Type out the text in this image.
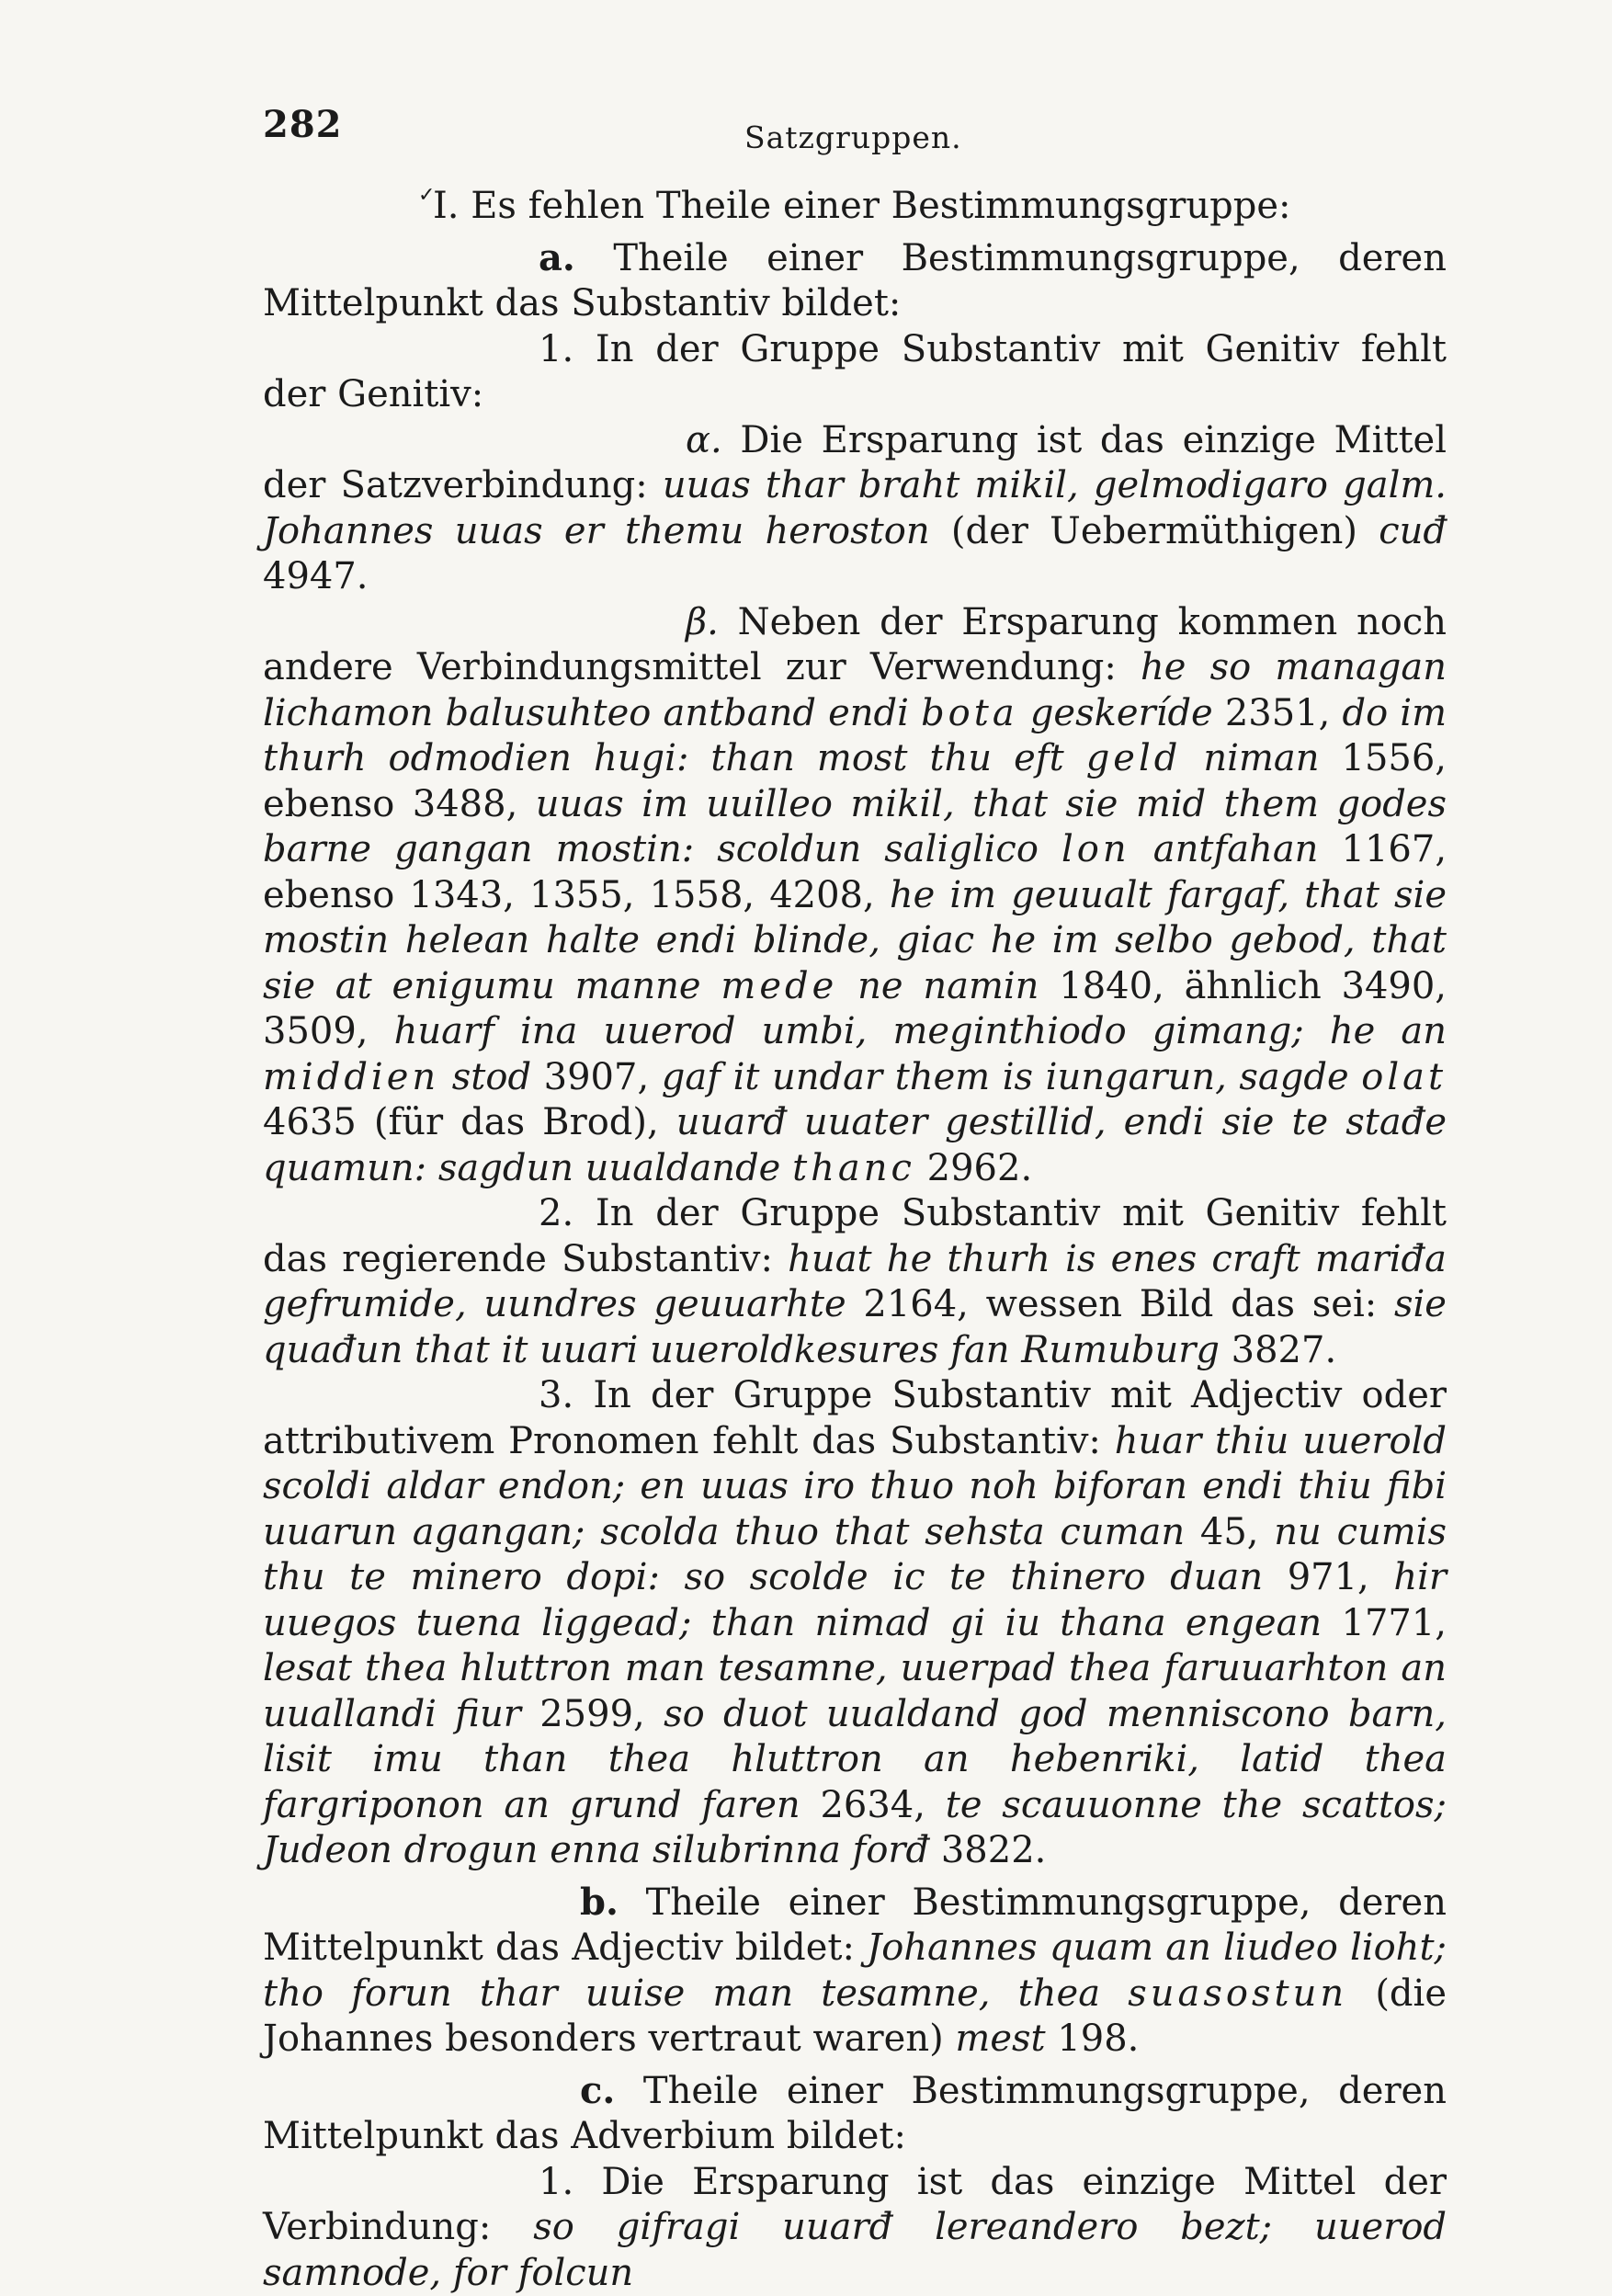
282	Satzgruppen.
✓

I. Es fehlen Theile einer Bestimmungsgruppe:

a. Theile einer Bestimmungsgruppe, deren Mittelpunkt das Substantiv bildet:

1. In der Gruppe Substantiv mit Genitiv fehlt der Genitiv:

α. Die Ersparung ist das einzige Mittel der Satzverbindung: uuas thar braht mikil, gelmodigaro galm. Johannes uuas er themu heroston (der Uebermüthigen) cuđ 4947.

β. Neben der Ersparung kommen noch andere Verbindungsmittel zur Verwendung: he so managan lichamon balusuhteo antband endi bota geskeríde 2351, do im thurh odmodien hugi: than most thu eft geld niman 1556, ebenso 3488, uuas im uuilleo mikil, that sie mid them godes barne gangan mostin: scoldun saliglico lon antfahan 1167, ebenso 1343, 1355, 1558, 4208, he im geuualt fargaf, that sie mostin helean halte endi blinde, giac he im selbo gebod, that sie at enigumu manne mede ne namin 1840, ähnlich 3490, 3509, huarf ina uuerod umbi, meginthiodo gimang; he an middien stod 3907, gaf it undar them is iungarun, sagde olat 4635 (für das Brod), uuarđ uuater gestillid, endi sie te stađe quamun: sagdun uualdande thanc 2962.

2. In der Gruppe Substantiv mit Genitiv fehlt das regierende Substantiv: huat he thurh is enes craft mariđa gefrumide, uundres geuuarhte 2164, wessen Bild das sei: sie quađun that it uuari uueroldkesures fan Rumuburg 3827.

3. In der Gruppe Substantiv mit Adjectiv oder attributivem Pronomen fehlt das Substantiv: huar thiu uuerold scoldi aldar endon; en uuas iro thuo noh biforan endi thiu fibi uuarun agangan; scolda thuo that sehsta cuman 45, nu cumis thu te minero dopi: so scolde ic te thinero duan 971, hir uuegos tuena liggead; than nimad gi iu thana engean 1771, lesat thea hluttron man tesamne, uuerpad thea faruuarhton an uuallandi fiur 2599, so duot uualdand god menniscono barn, lisit imu than thea hluttron an hebenriki, latid thea fargriponon an grund faren 2634, te scauuonne the scattos; Judeon drogun enna silubrinna forđ 3822.

b. Theile einer Bestimmungsgruppe, deren Mittelpunkt das Adjectiv bildet: Johannes quam an liudeo lioht; tho forun thar uuise man tesamne, thea suasostun (die Johannes besonders vertraut waren) mest 198.

c. Theile einer Bestimmungsgruppe, deren Mittelpunkt das Adverbium bildet:

1. Die Ersparung ist das einzige Mittel der Verbindung: so gifragi uuarđ lereandero bezt; uuerod samnode, for folcun
